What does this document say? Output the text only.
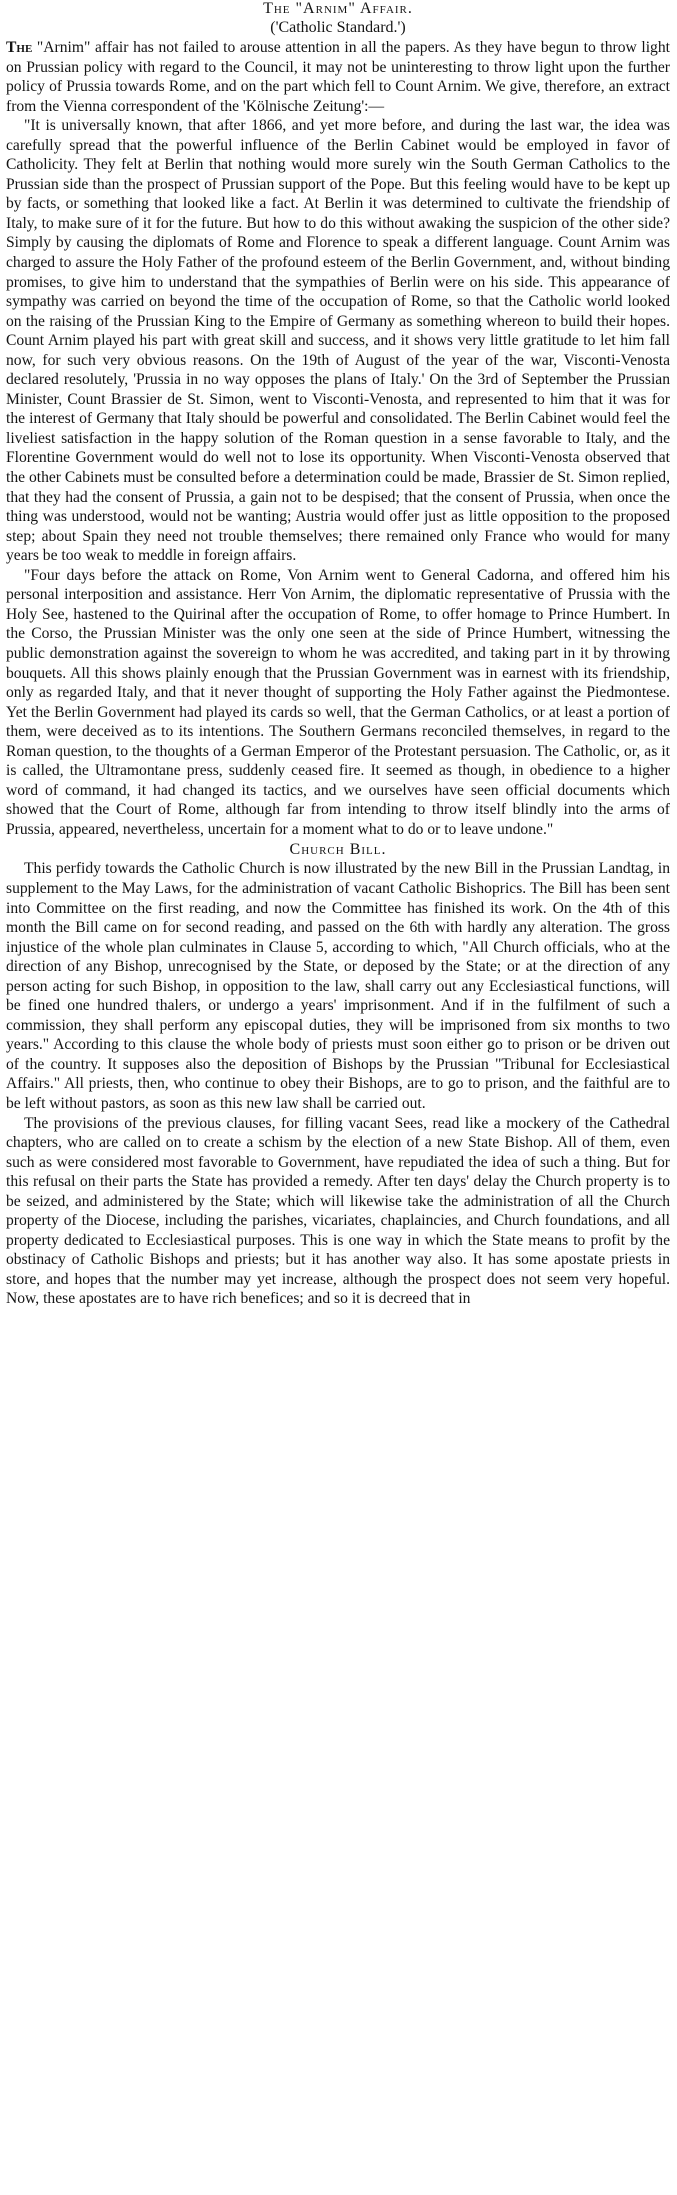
The "Arnim" Affair.

('Catholic Standard.')

The "Arnim" affair has not failed to arouse attention in all the papers. As they have begun to throw light on Prussian policy with regard to the Council, it may not be uninteresting to throw light upon the further policy of Prussia towards Rome, and on the part which fell to Count Arnim. We give, therefore, an extract from the Vienna correspondent of the 'Kölnische Zeitung':—

"It is universally known, that after 1866, and yet more before, and during the last war, the idea was carefully spread that the powerful influence of the Berlin Cabinet would be employed in favor of Catholicity. They felt at Berlin that nothing would more surely win the South German Catholics to the Prussian side than the prospect of Prussian support of the Pope. But this feeling would have to be kept up by facts, or something that looked like a fact. At Berlin it was determined to cultivate the friendship of Italy, to make sure of it for the future. But how to do this without awaking the suspicion of the other side? Simply by causing the diplomats of Rome and Florence to speak a different language. Count Arnim was charged to assure the Holy Father of the profound esteem of the Berlin Government, and, without binding promises, to give him to understand that the sympathies of Berlin were on his side. This appearance of sympathy was carried on beyond the time of the occupation of Rome, so that the Catholic world looked on the raising of the Prussian King to the Empire of Germany as something whereon to build their hopes. Count Arnim played his part with great skill and success, and it shows very little gratitude to let him fall now, for such very obvious reasons. On the 19th of August of the year of the war, Visconti-Venosta declared resolutely, 'Prussia in no way opposes the plans of Italy.' On the 3rd of September the Prussian Minister, Count Brassier de St. Simon, went to Visconti-Venosta, and represented to him that it was for the interest of Germany that Italy should be powerful and consolidated. The Berlin Cabinet would feel the liveliest satisfaction in the happy solution of the Roman question in a sense favorable to Italy, and the Florentine Government would do well not to lose its opportunity. When Visconti-Venosta observed that the other Cabinets must be consulted before a determination could be made, Brassier de St. Simon replied, that they had the consent of Prussia, a gain not to be despised; that the consent of Prussia, when once the thing was understood, would not be wanting; Austria would offer just as little opposition to the proposed step; about Spain they need not trouble themselves; there remained only France who would for many years be too weak to meddle in foreign affairs.

"Four days before the attack on Rome, Von Arnim went to General Cadorna, and offered him his personal interposition and assistance. Herr Von Arnim, the diplomatic representative of Prussia with the Holy See, hastened to the Quirinal after the occupation of Rome, to offer homage to Prince Humbert. In the Corso, the Prussian Minister was the only one seen at the side of Prince Humbert, witnessing the public demonstration against the sovereign to whom he was accredited, and taking part in it by throwing bouquets. All this shows plainly enough that the Prussian Government was in earnest with its friendship, only as regarded Italy, and that it never thought of supporting the Holy Father against the Piedmontese. Yet the Berlin Government had played its cards so well, that the German Catholics, or at least a portion of them, were deceived as to its intentions. The Southern Germans reconciled themselves, in regard to the Roman question, to the thoughts of a German Emperor of the Protestant persuasion. The Catholic, or, as it is called, the Ultramontane press, suddenly ceased fire. It seemed as though, in obedience to a higher word of command, it had changed its tactics, and we ourselves have seen official documents which showed that the Court of Rome, although far from intending to throw itself blindly into the arms of Prussia, appeared, nevertheless, uncertain for a moment what to do or to leave undone."

Church Bill.

This perfidy towards the Catholic Church is now illustrated by the new Bill in the Prussian Landtag, in supplement to the May Laws, for the administration of vacant Catholic Bishoprics. The Bill has been sent into Committee on the first reading, and now the Committee has finished its work. On the 4th of this month the Bill came on for second reading, and passed on the 6th with hardly any alteration. The gross injustice of the whole plan culminates in Clause 5, according to which, "All Church officials, who at the direction of any Bishop, unrecognised by the State, or deposed by the State; or at the direction of any person acting for such Bishop, in opposition to the law, shall carry out any Ecclesiastical functions, will be fined one hundred thalers, or undergo a years' imprisonment. And if in the fulfilment of such a commission, they shall perform any episcopal duties, they will be imprisoned from six months to two years." According to this clause the whole body of priests must soon either go to prison or be driven out of the country. It supposes also the deposition of Bishops by the Prussian "Tribunal for Ecclesiastical Affairs." All priests, then, who continue to obey their Bishops, are to go to prison, and the faithful are to be left without pastors, as soon as this new law shall be carried out.

The provisions of the previous clauses, for filling vacant Sees, read like a mockery of the Cathedral chapters, who are called on to create a schism by the election of a new State Bishop. All of them, even such as were considered most favorable to Government, have repudiated the idea of such a thing. But for this refusal on their parts the State has provided a remedy. After ten days' delay the Church property is to be seized, and administered by the State; which will likewise take the administration of all the Church property of the Diocese, including the parishes, vicariates, chaplaincies, and Church foundations, and all property dedicated to Ecclesiastical purposes. This is one way in which the State means to profit by the obstinacy of Catholic Bishops and priests; but it has another way also. It has some apostate priests in store, and hopes that the number may yet increase, although the prospect does not seem very hopeful. Now, these apostates are to have rich benefices; and so it is decreed that in
